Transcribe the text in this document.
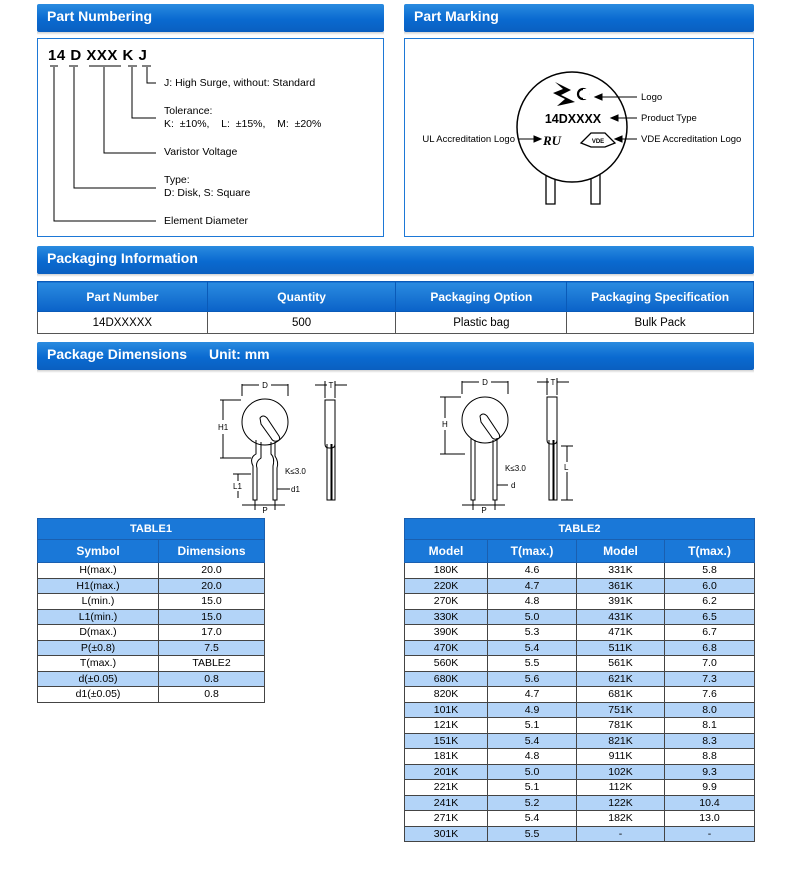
Part Numbering	Part Marking
14 D XXX K J
J: High Surge, without: Standard
Tolerance:
K:  ±10%,    L:  ±15%,    M:  ±20%
Varistor Voltage
Type:
D: Disk, S: Square
Element Diameter
RU	VDE
14DXXXX
Logo
Product Type
VDE Accreditation Logo
UL Accreditation Logo
Packaging Information
Part Number	Quantity	Packaging Option	Packaging Specification
14DXXXXX	500	Plastic bag	Bulk Pack
Package Dimensions Unit: mm
D	T
H1
L1
K≤3.0
d1
P
D	T
H
L
K≤3.0
d
P
TABLE1	
Symbol	Dimensions
H(max.)	20.0
H1(max.)	20.0
L(min.)	15.0
L1(min.)	15.0
D(max.)	17.0
P(±0.8)	7.5
T(max.)	TABLE2
d(±0.05)	0.8
d1(±0.05)	0.8
TABLE2			
Model	T(max.)	Model	T(max.)
180K	4.6	331K	5.8
220K	4.7	361K	6.0
270K	4.8	391K	6.2
330K	5.0	431K	6.5
390K	5.3	471K	6.7
470K	5.4	511K	6.8
560K	5.5	561K	7.0
680K	5.6	621K	7.3
820K	4.7	681K	7.6
101K	4.9	751K	8.0
121K	5.1	781K	8.1
151K	5.4	821K	8.3
181K	4.8	911K	8.8
201K	5.0	102K	9.3
221K	5.1	112K	9.9
241K	5.2	122K	10.4
271K	5.4	182K	13.0
301K	5.5	-	-
